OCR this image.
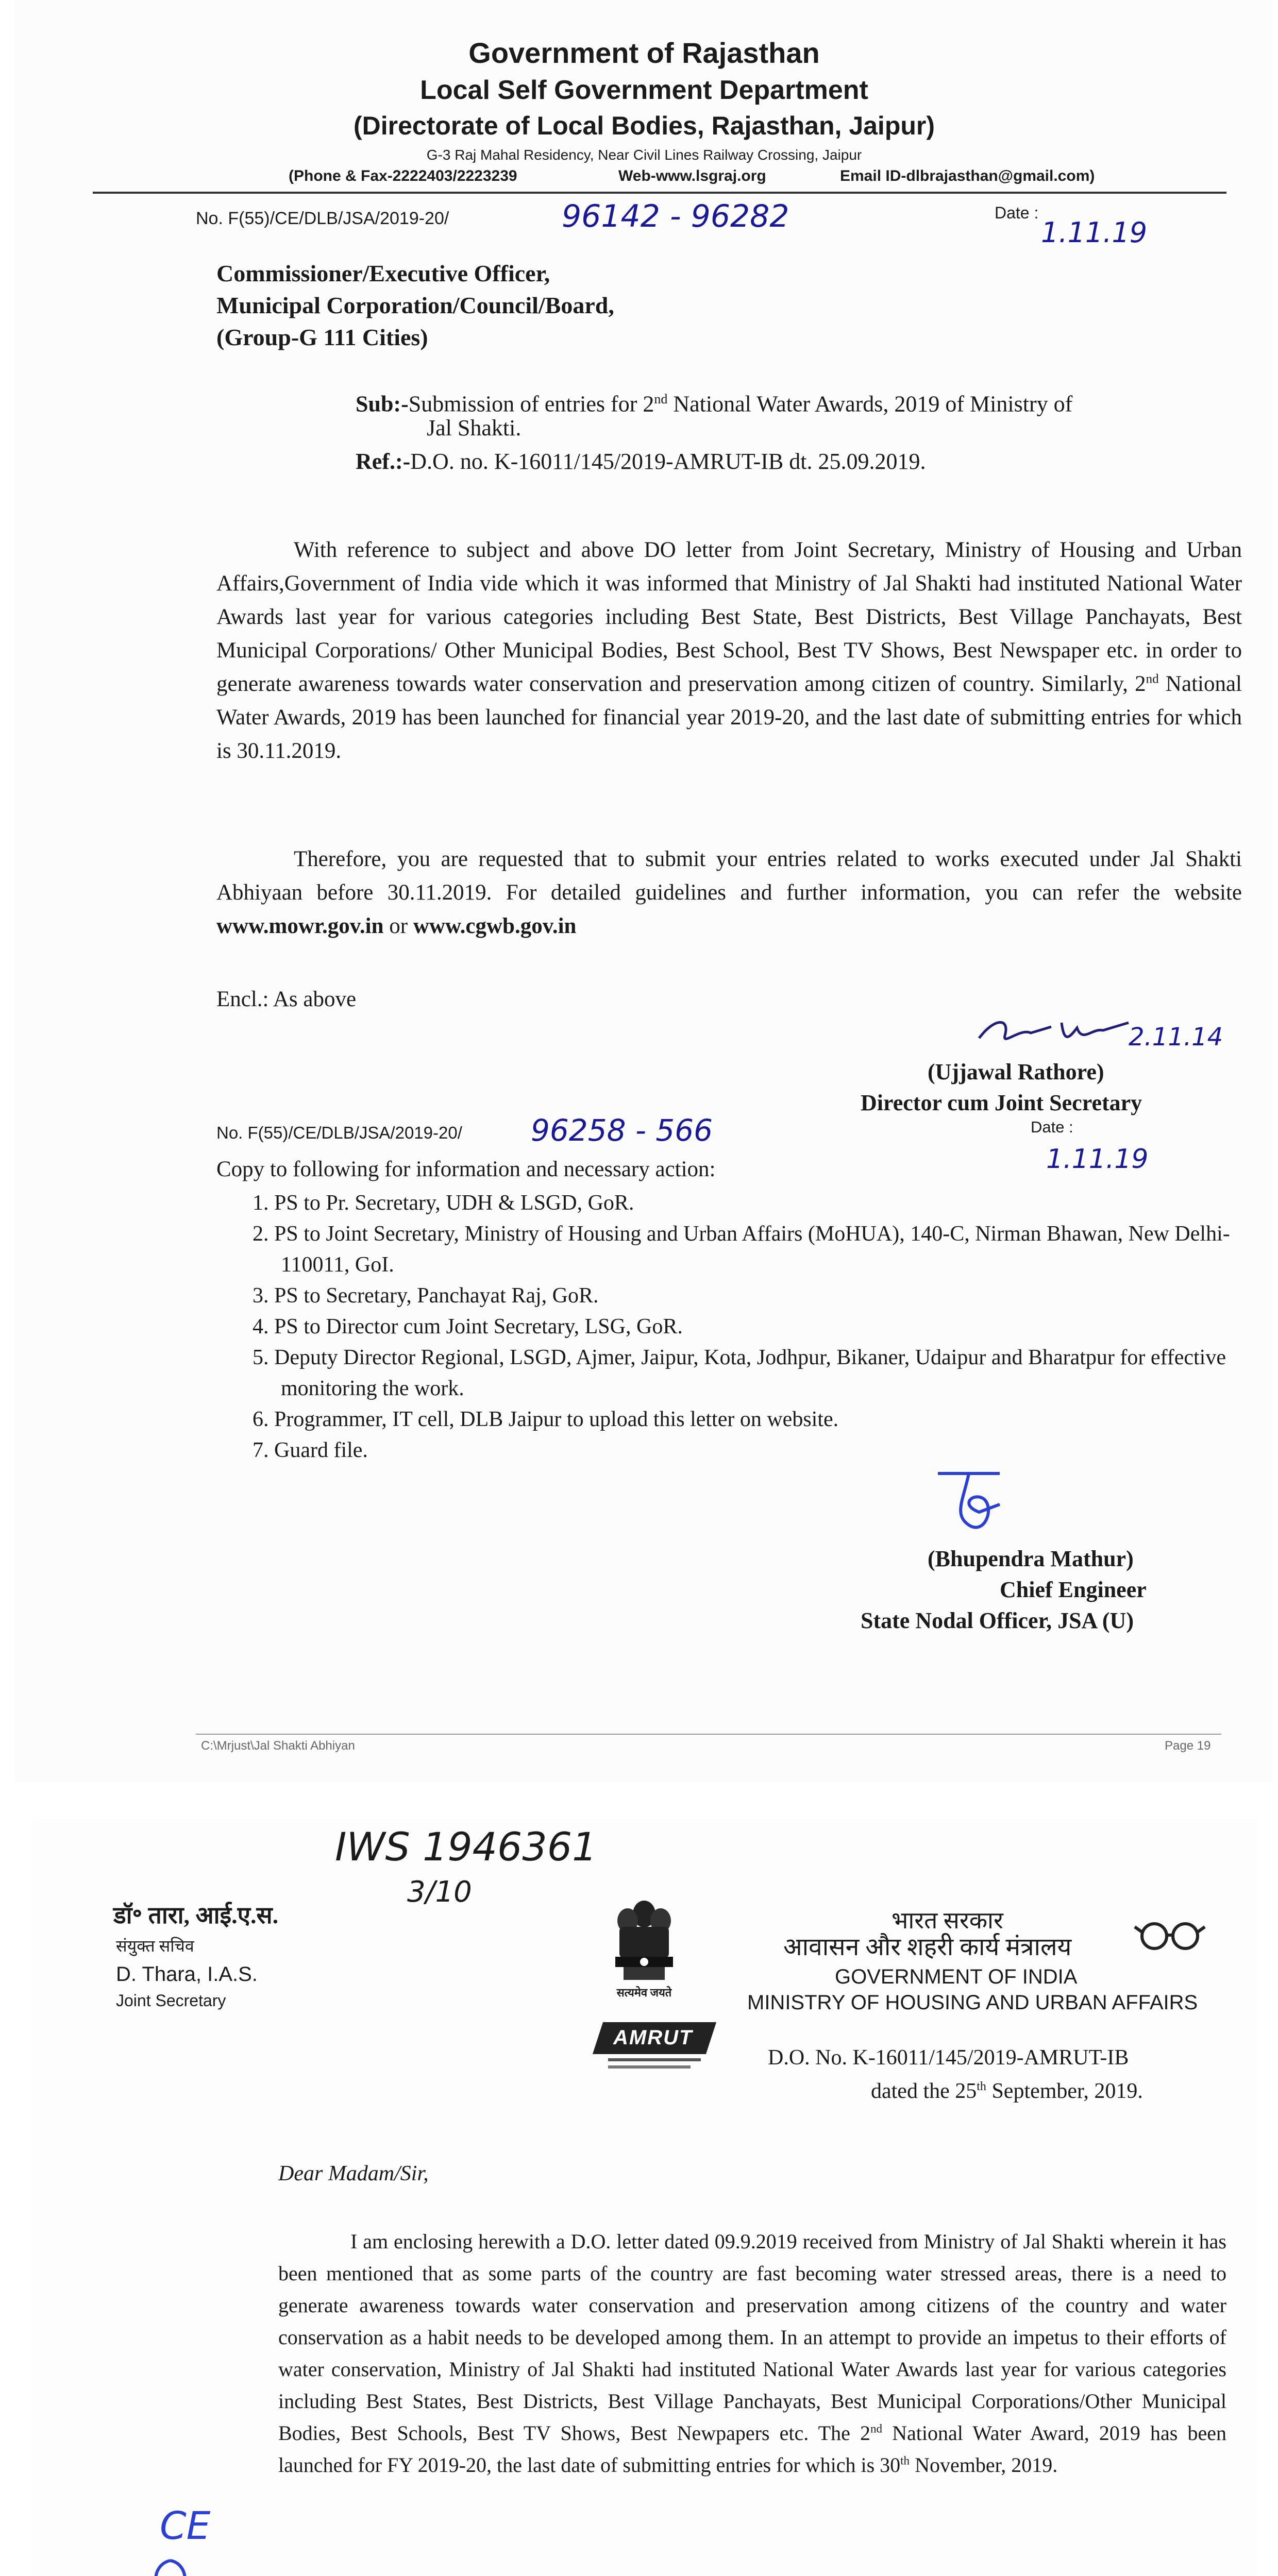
Government of Rajasthan
Local Self Government Department
(Directorate of Local Bodies, Rajasthan, Jaipur)
G-3 Raj Mahal Residency, Near Civil Lines Railway Crossing, Jaipur
(Phone & Fax-2222403/2223239	Web-www.lsgraj.org	Email ID-dlbrajasthan@gmail.com)
No. F(55)/CE/DLB/JSA/2019-20/	96142 - 96282	Date :
1.11.19
Commissioner/Executive Officer,
Municipal Corporation/Council/Board,
(Group-G 111 Cities)
Sub:-Submission of entries for 2nd National Water Awards, 2019 of Ministry of
Jal Shakti.
Ref.:-D.O. no. K-16011/145/2019-AMRUT-IB dt. 25.09.2019.
With reference to subject and above DO letter from Joint Secretary, Ministry of Housing and Urban Affairs,Government of India vide which it was informed that Ministry of Jal Shakti had instituted National Water Awards last year for various categories including Best State, Best Districts, Best Village Panchayats, Best Municipal Corporations/ Other Municipal Bodies, Best School, Best TV Shows, Best Newspaper etc. in order to generate awareness towards water conservation and preservation among citizen of country. Similarly, 2nd National Water Awards, 2019 has been launched for financial year 2019-20, and the last date of submitting entries for which is 30.11.2019.
Therefore, you are requested that to submit your entries related to works executed under Jal Shakti Abhiyaan before 30.11.2019. For detailed guidelines and further information, you can refer the website www.mowr.gov.in or www.cgwb.gov.in
Encl.: As above
2.11.14
(Ujjawal Rathore)
Director cum Joint Secretary
No. F(55)/CE/DLB/JSA/2019-20/ 96258 - 566	Date :
1.11.19
Copy to following for information and necessary action:
1. PS to Pr. Secretary, UDH & LSGD, GoR.
2. PS to Joint Secretary, Ministry of Housing and Urban Affairs (MoHUA), 140-C, Nirman Bhawan, New Delhi-110011, GoI.
3. PS to Secretary, Panchayat Raj, GoR.
4. PS to Director cum Joint Secretary, LSG, GoR.
5. Deputy Director Regional, LSGD, Ajmer, Jaipur, Kota, Jodhpur, Bikaner, Udaipur and Bharatpur for effective monitoring the work.
6. Programmer, IT cell, DLB Jaipur to upload this letter on website.
7. Guard file.
(Bhupendra Mathur)
Chief Engineer
State Nodal Officer, JSA (U)
C:\Mrjust\Jal Shakti Abhiyan	Page 19
IWS 1946361
3/10
डॉ॰ तारा, आई.ए.स.
संयुक्त सचिव
D. Thara, I.A.S.
Joint Secretary	सत्यमेव जयते
AMRUT
भारत सरकार
आवासन और शहरी कार्य मंत्रालय
GOVERNMENT OF INDIA
MINISTRY OF HOUSING AND URBAN AFFAIRS
D.O. No. K-16011/145/2019-AMRUT-IB
dated the 25th September, 2019.
Dear Madam/Sir,
I am enclosing herewith a D.O. letter dated 09.9.2019 received from Ministry of Jal Shakti wherein it has been mentioned that as some parts of the country are fast becoming water stressed areas, there is a need to generate awareness towards water conservation and preservation among citizens of the country and water conservation as a habit needs to be developed among them. In an attempt to provide an impetus to their efforts of water conservation, Ministry of Jal Shakti had instituted National Water Awards last year for various categories including Best States, Best Districts, Best Village Panchayats, Best Municipal Corporations/Other Municipal Bodies, Best Schools, Best TV Shows, Best Newpapers etc. The 2nd National Water Award, 2019 has been launched for FY 2019-20, the last date of submitting entries for which is 30th November, 2019.
CE
